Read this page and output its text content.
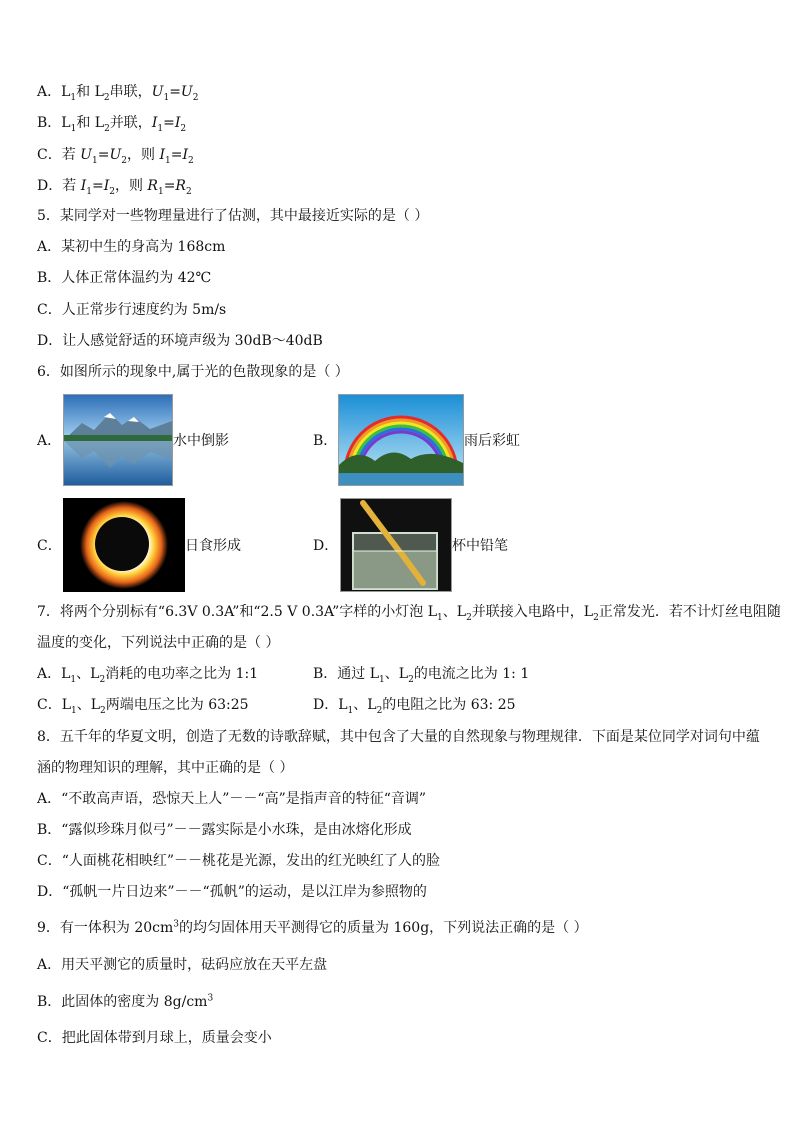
A．$L_1$和 $L_2$串联，$U_1=U_2$
B．$L_1$和 $L_2$并联，$I_1=I_2$
C．若 $U_1=U_2$，则 $I_1=I_2$
D．若 $I_1=I_2$，则 $R_1=R_2$
5．某同学对一些物理量进行了估测，其中最接近实际的是（ ）
A．某初中生的身高为 168cm
B．人体正常体温约为 42℃
C．人正常步行速度约为 5m/s
D．让人感觉舒适的环境声级为 30dB～40dB
6．如图所示的现象中,属于光的色散现象的是（ ）
A．	水中倒影	B．	雨后彩虹
C．	日食形成	D．	杯中铅笔
7．将两个分别标有“6.3V 0.3A”和“2.5 V 0.3A”字样的小灯泡 $L_1$、$L_2$并联接入电路中，$L_2$正常发光．若不计灯丝电阻随
温度的变化，下列说法中正确的是（ ）
A．$L_1$、$L_2$消耗的电功率之比为 1:1	B．通过 $L_1$、$L_2$的电流之比为 1: 1
C．$L_1$、$L_2$两端电压之比为 63:25	D．$L_1$、$L_2$的电阻之比为 63: 25
8．五千年的华夏文明，创造了无数的诗歌辞赋，其中包含了大量的自然现象与物理规律．下面是某位同学对词句中蕴
涵的物理知识的理解，其中正确的是（ ）
A．“不敢高声语，恐惊天上人”－－“高”是指声音的特征“音调”
B．“露似珍珠月似弓”－－露实际是小水珠，是由冰熔化形成
C．“人面桃花相映红”－－桃花是光源，发出的红光映红了人的脸
D．“孤帆一片日边来”－－“孤帆”的运动，是以江岸为参照物的
9．有一体积为 $20cm^3$的均匀固体用天平测得它的质量为 160g，下列说法正确的是（ ）
A．用天平测它的质量时，砝码应放在天平左盘
B．此固体的密度为 $8g/cm^3$
C．把此固体带到月球上，质量会变小
